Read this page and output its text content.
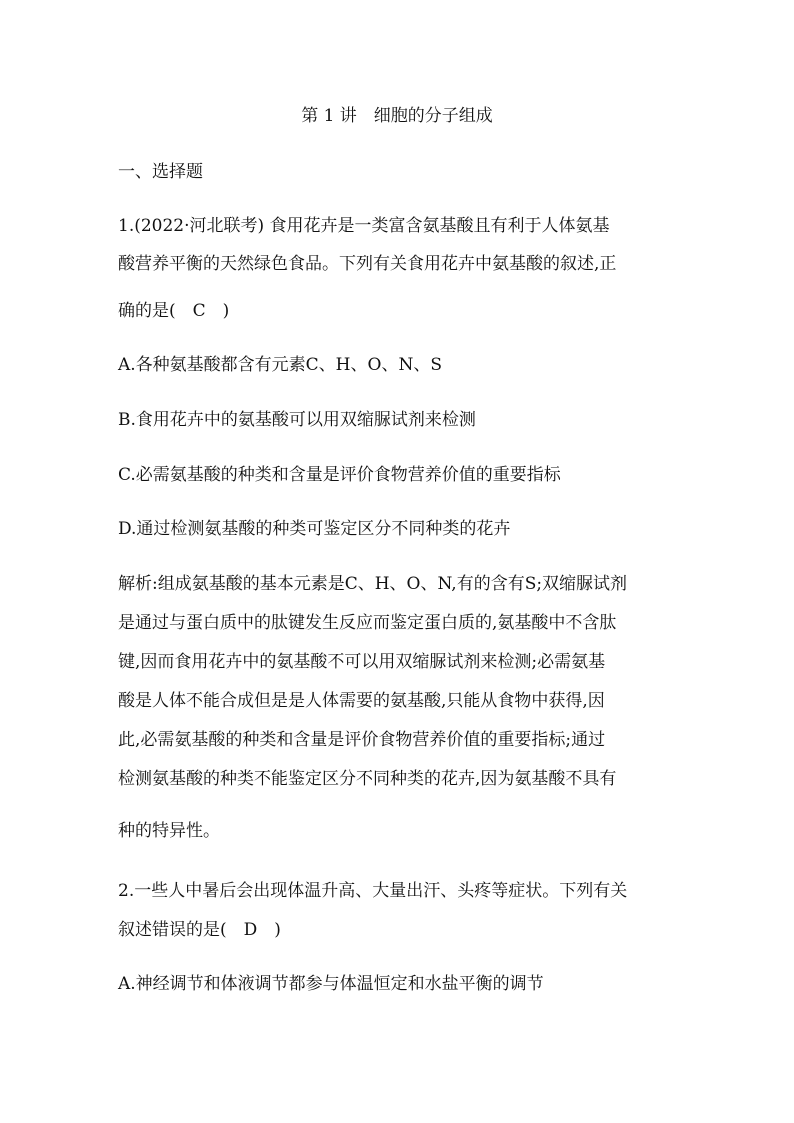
第 1 讲　细胞的分子组成
一、选择题
1.(2022·河北联考) 食用花卉是一类富含氨基酸且有利于人体氨基
酸营养平衡的天然绿色食品。下列有关食用花卉中氨基酸的叙述,正
确的是(　C　)
A.各种氨基酸都含有元素C、H、O、N、S
B.食用花卉中的氨基酸可以用双缩脲试剂来检测
C.必需氨基酸的种类和含量是评价食物营养价值的重要指标
D.通过检测氨基酸的种类可鉴定区分不同种类的花卉
解析:组成氨基酸的基本元素是C、H、O、N,有的含有S;双缩脲试剂
是通过与蛋白质中的肽键发生反应而鉴定蛋白质的,氨基酸中不含肽
键,因而食用花卉中的氨基酸不可以用双缩脲试剂来检测;必需氨基
酸是人体不能合成但是是人体需要的氨基酸,只能从食物中获得,因
此,必需氨基酸的种类和含量是评价食物营养价值的重要指标;通过
检测氨基酸的种类不能鉴定区分不同种类的花卉,因为氨基酸不具有
种的特异性。
2.一些人中暑后会出现体温升高、大量出汗、头疼等症状。下列有关
叙述错误的是(　D　)
A.神经调节和体液调节都参与体温恒定和水盐平衡的调节
